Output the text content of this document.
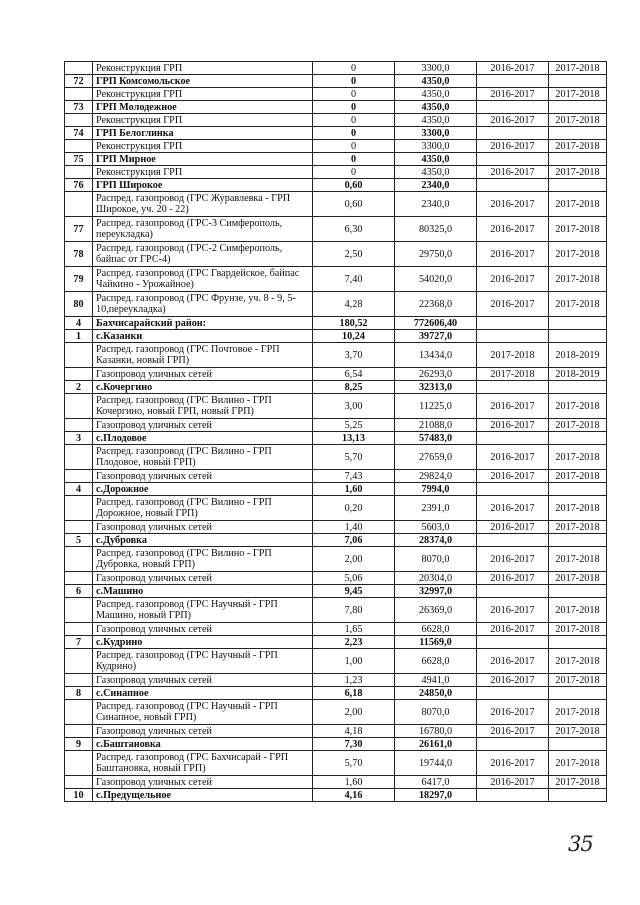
	Реконструкция ГРП	0	3300,0	2016-2017	2017-2018
72	ГРП Комсомольское	0	4350,0		
	Реконструкция ГРП	0	4350,0	2016-2017	2017-2018
73	ГРП Молодежное	0	4350,0		
	Реконструкция ГРП	0	4350,0	2016-2017	2017-2018
74	ГРП Белоглинка	0	3300,0		
	Реконструкция ГРП	0	3300,0	2016-2017	2017-2018
75	ГРП Мирное	0	4350,0		
	Реконструкция ГРП	0	4350,0	2016-2017	2017-2018
76	ГРП Широкое	0,60	2340,0		
	Распред. газопровод (ГРС Журавлевка - ГРП Широкое, уч. 20 - 22)	0,60	2340,0	2016-2017	2017-2018
77	Распред. газопровод (ГРС-3 Симферополь, переукладка)	6,30	80325,0	2016-2017	2017-2018
78	Распред. газопровод (ГРС-2 Симферополь, байпас от ГРС-4)	2,50	29750,0	2016-2017	2017-2018
79	Распред. газопровод (ГРС Гвардейское, байпас Чайкино - Урожайное)	7,40	54020,0	2016-2017	2017-2018
80	Распред. газопровод (ГРС Фрунзе, уч. 8 - 9, 5-10,переукладка)	4,28	22368,0	2016-2017	2017-2018
4	Бахчисарайский район:	180,52	772606,40		
1	с.Казанки	10,24	39727,0		
	Распред. газопровод (ГРС Почтовое - ГРП Казанки, новый ГРП)	3,70	13434,0	2017-2018	2018-2019
	Газопровод уличных сетей	6,54	26293,0	2017-2018	2018-2019
2	с.Кочергино	8,25	32313,0		
	Распред. газопровод (ГРС Вилино - ГРП Кочергино, новый ГРП, новый ГРП)	3,00	11225,0	2016-2017	2017-2018
	Газопровод уличных сетей	5,25	21088,0	2016-2017	2017-2018
3	с.Плодовое	13,13	57483,0		
	Распред. газопровод (ГРС Вилино - ГРП Плодовое, новый ГРП)	5,70	27659,0	2016-2017	2017-2018
	Газопровод уличных сетей	7,43	29824,0	2016-2017	2017-2018
4	с.Дорожное	1,60	7994,0		
	Распред. газопровод (ГРС Вилино - ГРП Дорожное, новый ГРП)	0,20	2391,0	2016-2017	2017-2018
	Газопровод уличных сетей	1,40	5603,0	2016-2017	2017-2018
5	с.Дубровка	7,06	28374,0		
	Распред. газопровод (ГРС Вилино - ГРП Дубровка, новый ГРП)	2,00	8070,0	2016-2017	2017-2018
	Газопровод уличных сетей	5,06	20304,0	2016-2017	2017-2018
6	с.Машино	9,45	32997,0		
	Распред. газопровод (ГРС Научный - ГРП Машино, новый ГРП)	7,80	26369,0	2016-2017	2017-2018
	Газопровод уличных сетей	1,65	6628,0	2016-2017	2017-2018
7	с.Кудрино	2,23	11569,0		
	Распред. газопровод (ГРС Научный - ГРП Кудрино)	1,00	6628,0	2016-2017	2017-2018
	Газопровод уличных сетей	1,23	4941,0	2016-2017	2017-2018
8	с.Синапное	6,18	24850,0		
	Распред. газопровод (ГРС Научный - ГРП Синапное, новый ГРП)	2,00	8070,0	2016-2017	2017-2018
	Газопровод уличных сетей	4,18	16780,0	2016-2017	2017-2018
9	с.Баштановка	7,30	26161,0		
	Распред. газопровод (ГРС Бахчисарай - ГРП Баштановка, новый ГРП)	5,70	19744,0	2016-2017	2017-2018
	Газопровод уличных сетей	1,60	6417,0	2016-2017	2017-2018
10	с.Предущельное	4,16	18297,0		
35
